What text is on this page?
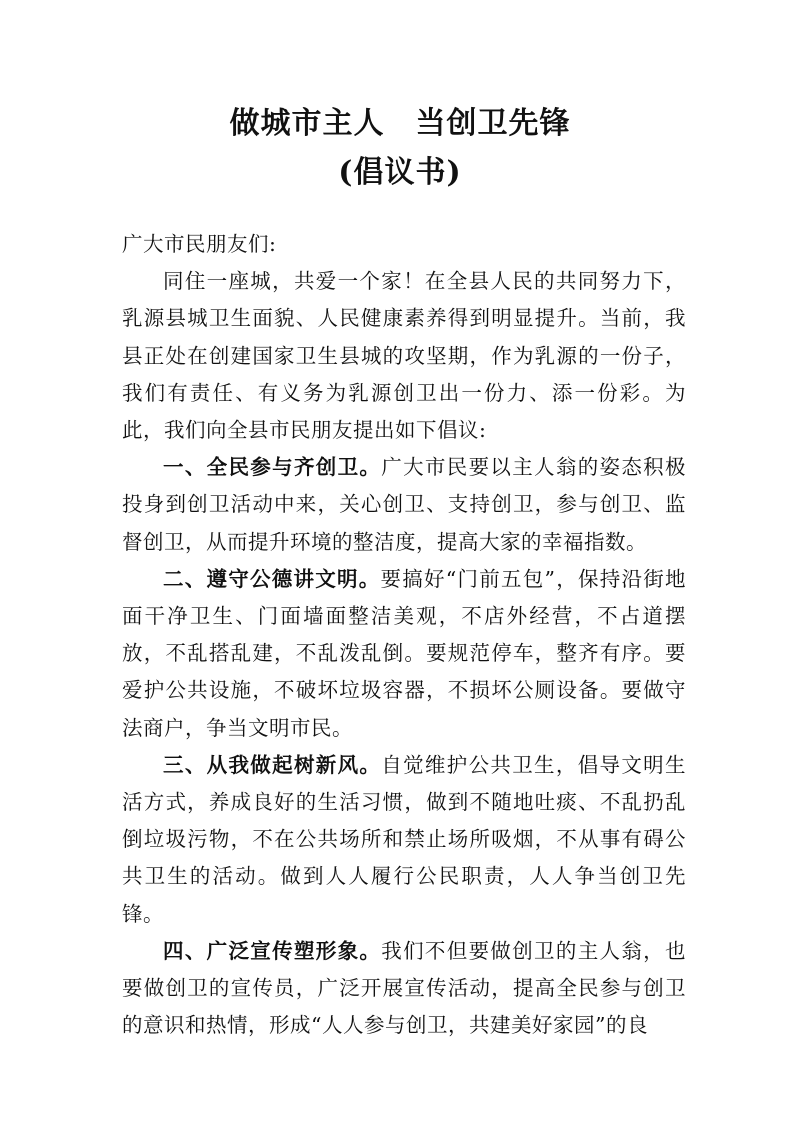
做城市主人　当创卫先锋
(倡议书)

广大市民朋友们:

同住一座城，共爱一个家！在全县人民的共同努力下，乳源县城卫生面貌、人民健康素养得到明显提升。当前，我县正处在创建国家卫生县城的攻坚期，作为乳源的一份子，我们有责任、有义务为乳源创卫出一份力、添一份彩。为此，我们向全县市民朋友提出如下倡议:

一、全民参与齐创卫。广大市民要以主人翁的姿态积极投身到创卫活动中来，关心创卫、支持创卫，参与创卫、监督创卫，从而提升环境的整洁度，提高大家的幸福指数。

二、遵守公德讲文明。要搞好“门前五包”，保持沿街地面干净卫生、门面墙面整洁美观，不店外经营，不占道摆放，不乱搭乱建，不乱泼乱倒。要规范停车，整齐有序。要爱护公共设施，不破坏垃圾容器，不损坏公厕设备。要做守法商户，争当文明市民。

三、从我做起树新风。自觉维护公共卫生，倡导文明生活方式，养成良好的生活习惯，做到不随地吐痰、不乱扔乱倒垃圾污物，不在公共场所和禁止场所吸烟，不从事有碍公共卫生的活动。做到人人履行公民职责，人人争当创卫先锋。

四、广泛宣传塑形象。我们不但要做创卫的主人翁，也要做创卫的宣传员，广泛开展宣传活动，提高全民参与创卫的意识和热情，形成“人人参与创卫，共建美好家园”的良
